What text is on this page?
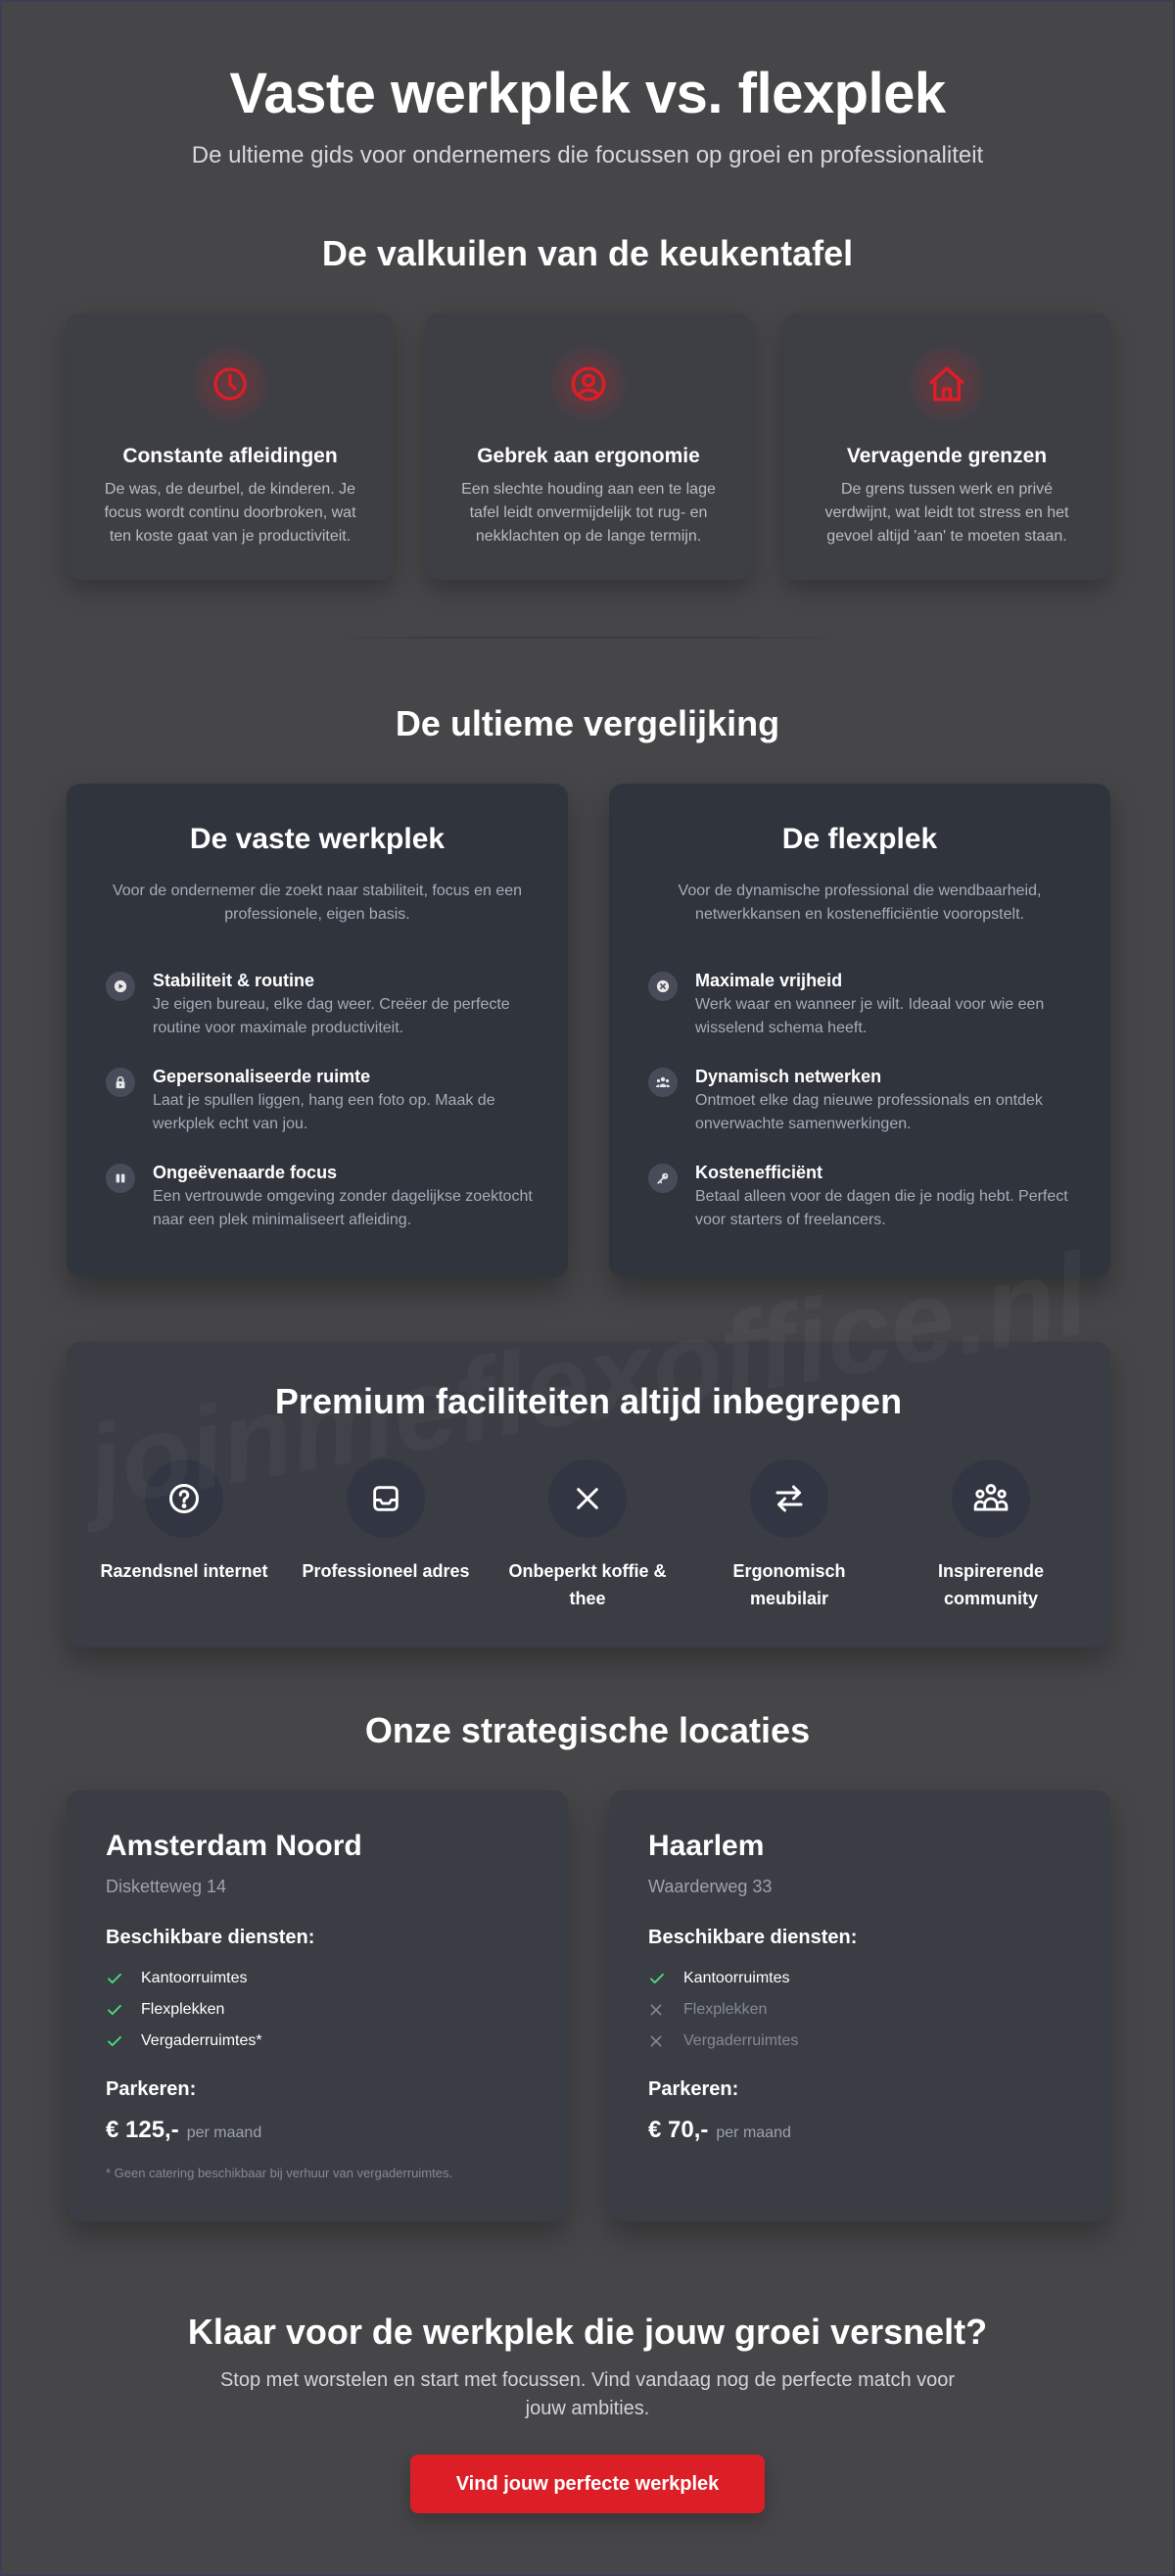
Vaste werkplek vs. flexplek

De ultieme gids voor ondernemers die focussen op groei en professionaliteit

De valkuilen van de keukentafel
Constante afleidingen
De was, de deurbel, de kinderen. Je focus wordt continu doorbroken, wat ten koste gaat van je productiviteit.
Gebrek aan ergonomie
Een slechte houding aan een te lage tafel leidt onvermijdelijk tot rug- en nekklachten op de lange termijn.
Vervagende grenzen
De grens tussen werk en privé verdwijnt, wat leidt tot stress en het gevoel altijd 'aan' te moeten staan.
De ultieme vergelijking
De vaste werkplek
Voor de ondernemer die zoekt naar stabiliteit, focus en een professionele, eigen basis.
Stabiliteit & routine
Je eigen bureau, elke dag weer. Creëer de perfecte routine voor maximale productiviteit.
Gepersonaliseerde ruimte
Laat je spullen liggen, hang een foto op. Maak de werkplek echt van jou.
Ongeëvenaarde focus
Een vertrouwde omgeving zonder dagelijkse zoektocht naar een plek minimaliseert afleiding.
De flexplek
Voor de dynamische professional die wendbaarheid, netwerkkansen en kostenefficiëntie vooropstelt.
Maximale vrijheid
Werk waar en wanneer je wilt. Ideaal voor wie een wisselend schema heeft.
Dynamisch netwerken
Ontmoet elke dag nieuwe professionals en ontdek onverwachte samenwerkingen.
Kostenefficiënt
Betaal alleen voor de dagen die je nodig hebt. Perfect voor starters of freelancers.
Premium faciliteiten altijd inbegrepen
Razendsnel internet	Professioneel adres	Onbeperkt koffie & thee
Ergonomisch meubilair
Inspirerende community
Onze strategische locaties
Amsterdam Noord
Disketteweg 14
Beschikbare diensten:
Kantoorruimtes
Flexplekken
Vergaderruimtes*
Parkeren:
€ 125,- per maand
* Geen catering beschikbaar bij verhuur van vergaderruimtes.
Haarlem
Waarderweg 33
Beschikbare diensten:
Kantoorruimtes
Flexplekken
Vergaderruimtes
Parkeren:
€ 70,- per maand
Klaar voor de werkplek die jouw groei versnelt?

Stop met worstelen en start met focussen. Vind vandaag nog de perfecte match voor jouw ambities.

Vind jouw perfecte werkplek
